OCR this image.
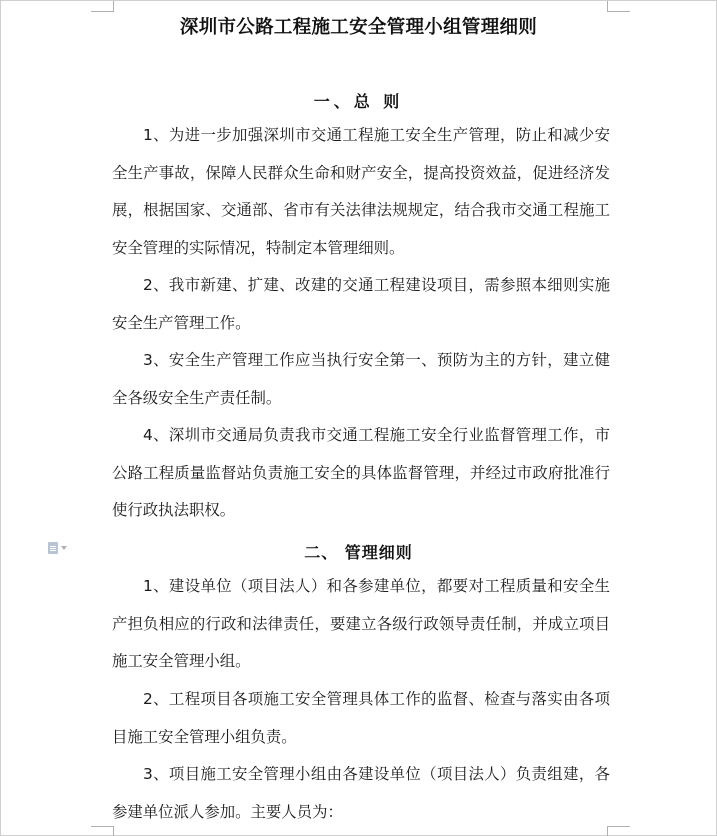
深圳市公路工程施工安全管理小组管理细则
一、总 则

1、为进一步加强深圳市交通工程施工安全生产管理，防止和减少安全生产事故，保障人民群众生命和财产安全，提高投资效益，促进经济发展，根据国家、交通部、省市有关法律法规规定，结合我市交通工程施工安全管理的实际情况，特制定本管理细则。

2、我市新建、扩建、改建的交通工程建设项目，需参照本细则实施安全生产管理工作。

3、安全生产管理工作应当执行安全第一、预防为主的方针，建立健全各级安全生产责任制。

4、深圳市交通局负责我市交通工程施工安全行业监督管理工作，市公路工程质量监督站负责施工安全的具体监督管理，并经过市政府批准行使行政执法职权。

二、 管理细则

1、建设单位（项目法人）和各参建单位，都要对工程质量和安全生产担负相应的行政和法律责任，要建立各级行政领导责任制，并成立项目施工安全管理小组。

2、工程项目各项施工安全管理具体工作的监督、检查与落实由各项目施工安全管理小组负责。

3、项目施工安全管理小组由各建设单位（项目法人）负责组建，各参建单位派人参加。主要人员为：
